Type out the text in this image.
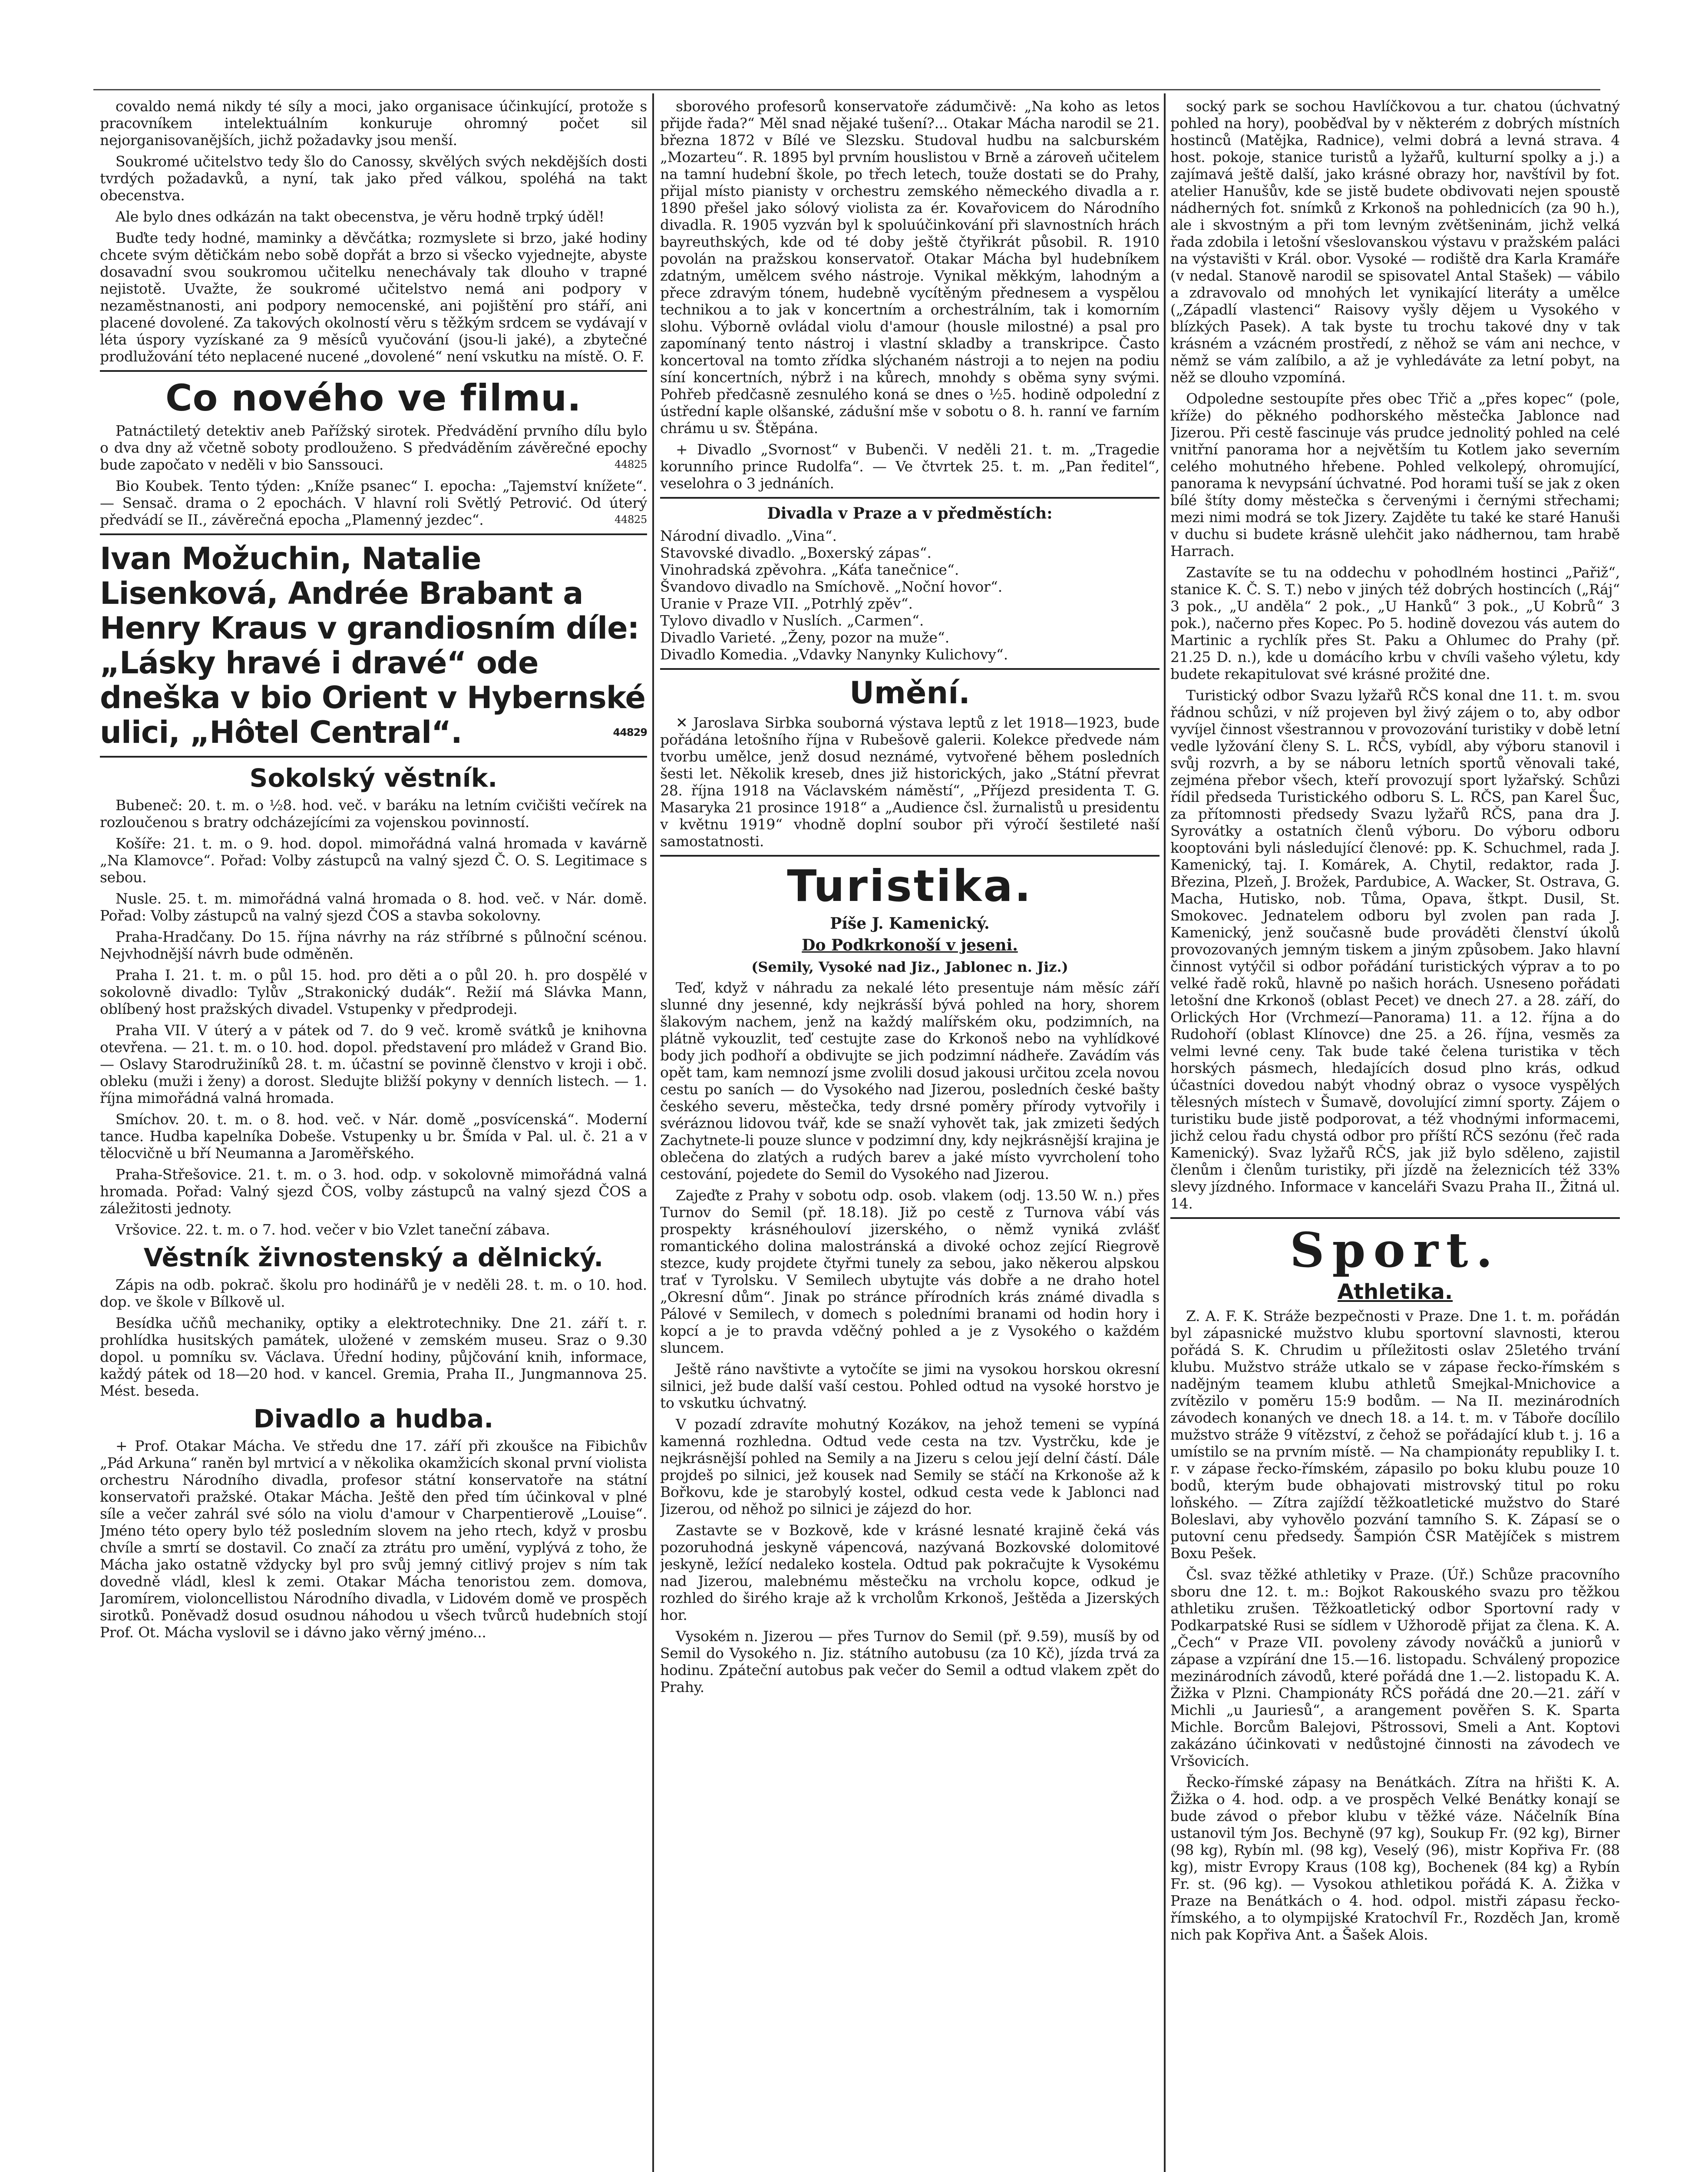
covaldo nemá nikdy té síly a moci, jako organisace účinkující, protože s pracovníkem intelektuálním konkuruje ohromný počet sil nejorganisovanějších, jichž požadavky jsou menší.

Soukromé učitelstvo tedy šlo do Canossy, skvělých svých nekdějších dosti tvrdých požadavků, a nyní, tak jako před válkou, spoléhá na takt obecenstva.

Ale bylo dnes odkázán na takt obecenstva, je věru hodně trpký úděl!

Buďte tedy hodné, maminky a děvčátka; rozmyslete si brzo, jaké hodiny chcete svým dětičkám nebo sobě dopřát a brzo si všecko vyjednejte, abyste dosavadní svou soukromou učitelku nenechávaly tak dlouho v trapné nejistotě. Uvažte, že soukromé učitelstvo nemá ani podpory v nezaměstnanosti, ani podpory nemocenské, ani pojištění pro stáří, ani placené dovolené. Za takových okolností věru s těžkým srdcem se vydávají v léta úspory vyzískané za 9 měsíců vyučování (jsou-li jaké), a zbytečné prodlužování této neplacené nucené „dovolené“ není vskutku na místě. O. F.

Co nového ve filmu.

Patnáctiletý detektiv aneb Pařížský sirotek. Předvádění prvního dílu bylo o dva dny až včetně soboty prodlouženo. S předváděním závěrečné epochy bude započato v neděli v bio Sanssouci.	44825

Bio Koubek. Tento týden: „Kníže psanec“ I. epocha: „Tajemství knížete“. — Sensač. drama o 2 epochách. V hlavní roli Světlý Petrović. Od úterý předvádí se II., závěrečná epocha „Plamenný jezdec“.	44825

Ivan Možuchin, Natalie Lisenková, Andrée Brabant a Henry Kraus v grandiosním díle: „Lásky hravé i dravé“ ode dneška v bio Orient v Hybernské ulici, „Hôtel Central“.	44829
Sokolský věstník.

Bubeneč: 20. t. m. o ½8. hod. več. v baráku na letním cvičišti večírek na rozloučenou s bratry odcházejícími za vojenskou povinností.

Košíře: 21. t. m. o 9. hod. dopol. mimořádná valná hromada v kavárně „Na Klamovce“. Pořad: Volby zástupců na valný sjezd Č. O. S. Legitimace s sebou.

Nusle. 25. t. m. mimořádná valná hromada o 8. hod. več. v Nár. domě. Pořad: Volby zástupců na valný sjezd ČOS a stavba sokolovny.

Praha-Hradčany. Do 15. října návrhy na ráz stříbrné s půlnoční scénou. Nejvhodnější návrh bude odměněn.

Praha I. 21. t. m. o půl 15. hod. pro děti a o půl 20. h. pro dospělé v sokolovně divadlo: Tylův „Strakonický dudák“. Režií má Slávka Mann, oblíbený host pražských divadel. Vstupenky v předprodeji.

Praha VII. V úterý a v pátek od 7. do 9 več. kromě svátků je knihovna otevřena. — 21. t. m. o 10. hod. dopol. představení pro mládež v Grand Bio. — Oslavy Starodružiníků 28. t. m. účastní se povinně členstvo v kroji i obč. obleku (muži i ženy) a dorost. Sledujte bližší pokyny v denních listech. — 1. října mimořádná valná hromada.

Smíchov. 20. t. m. o 8. hod. več. v Nár. domě „posvícenská“. Moderní tance. Hudba kapelníka Dobeše. Vstupenky u br. Šmída v Pal. ul. č. 21 a v tělocvičně u bří Neumanna a Jaroměřského.

Praha-Střešovice. 21. t. m. o 3. hod. odp. v sokolovně mimořádná valná hromada. Pořad: Valný sjezd ČOS, volby zástupců na valný sjezd ČOS a záležitosti jednoty.

Vršovice. 22. t. m. o 7. hod. večer v bio Vzlet taneční zábava.

Věstník živnostenský a dělnický.

Zápis na odb. pokrač. školu pro hodinářů je v neděli 28. t. m. o 10. hod. dop. ve škole v Bílkově ul.

Besídka učňů mechaniky, optiky a elektrotechniky. Dne 21. září t. r. prohlídka husitských památek, uložené v zemském museu. Sraz o 9.30 dopol. u pomníku sv. Václava. Úřední hodiny, půjčování knih, informace, každý pátek od 18—20 hod. v kancel. Gremia, Praha II., Jungmannova 25. Mést. beseda.

Divadlo a hudba.

+ Prof. Otakar Mácha. Ve středu dne 17. září při zkoušce na Fibichův „Pád Arkuna“ raněn byl mrtvicí a v několika okamžicích skonal první violista orchestru Národního divadla, profesor státní konservatoře na státní konservatoři pražské. Otakar Mácha. Ještě den před tím účinkoval v plné síle a večer zahrál své sólo na violu d'amour v Charpentierově „Louise“. Jméno této opery bylo též posledním slovem na jeho rtech, když v prosbu chvíle a smrtí se dostavil. Co značí za ztrátu pro umění, vyplývá z toho, že Mácha jako ostatně vždycky byl pro svůj jemný citlivý projev s ním tak dovedně vládl, klesl k zemi. Otakar Mácha tenoristou zem. domova, Jaromírem, violoncellistou Národního divadla, v Lidovém domě ve prospěch sirotků. Poněvadž dosud osudnou náhodou u všech tvůrců hudebních stojí Prof. Ot. Mácha vyslovil se i dávno jako věrný jméno...

sborového profesorů konservatoře zádumčivě: „Na koho as letos přijde řada?“ Měl snad nějaké tušení?... Otakar Mácha narodil se 21. března 1872 v Bílé ve Slezsku. Studoval hudbu na salcburském „Mozarteu“. R. 1895 byl prvním houslistou v Brně a zároveň učitelem na tamní hudební škole, po třech letech, touže dostati se do Prahy, přijal místo pianisty v orchestru zemského německého divadla a r. 1890 přešel jako sólový violista za ér. Kovařovicem do Národního divadla. R. 1905 vyzván byl k spoluúčinkování při slavnostních hrách bayreuthských, kde od té doby ještě čtyřikrát působil. R. 1910 povolán na pražskou konservatoř. Otakar Mácha byl hudebníkem zdatným, umělcem svého nástroje. Vynikal měkkým, lahodným a přece zdravým tónem, hudebně vycítěným přednesem a vyspělou technikou a to jak v koncertním a orchestrálním, tak i komorním slohu. Výborně ovládal violu d'amour (housle milostné) a psal pro zapomínaný tento nástroj i vlastní skladby a transkripce. Často koncertoval na tomto zřídka slýchaném nástroji a to nejen na podiu síní koncertních, nýbrž i na kůrech, mnohdy s oběma syny svými. Pohřeb předčasně zesnulého koná se dnes o ½5. hodině odpolední z ústřední kaple olšanské, zádušní mše v sobotu o 8. h. ranní ve farním chrámu u sv. Štěpána.

+ Divadlo „Svornost“ v Bubenči. V neděli 21. t. m. „Tragedie korunního prince Rudolfa“. — Ve čtvrtek 25. t. m. „Pan ředitel“, veselohra o 3 jednáních.

Divadla v Praze a v předměstích:
Národní divadlo. „Vina“.
Stavovské divadlo. „Boxerský zápas“.
Vinohradská zpěvohra. „Káťa tanečnice“.
Švandovo divadlo na Smíchově. „Noční hovor“.
Uranie v Praze VII. „Potrhlý zpěv“.
Tylovo divadlo v Nuslích. „Carmen“.
Divadlo Varieté. „Ženy, pozor na muže“.
Divadlo Komedia. „Vdavky Nanynky Kulichovy“.
Umění.

✕ Jaroslava Sirbka souborná výstava leptů z let 1918—1923, bude pořádána letošního října v Rubešově galerii. Kolekce předvede nám tvorbu umělce, jenž dosud neznámé, vytvořené během posledních šesti let. Několik kreseb, dnes již historických, jako „Státní převrat 28. října 1918 na Václavském náměstí“, „Příjezd presidenta T. G. Masaryka 21 prosince 1918“ a „Audience čsl. žurnalistů u presidentu v květnu 1919“ vhodně doplní soubor při výročí šestileté naší samostatnosti.

Turistika.
Píše J. Kamenický.
Do Podkrkonoší v jeseni.
(Semily, Vysoké nad Jiz., Jablonec n. Jiz.)

Teď, když v náhradu za nekalé léto presentuje nám měsíc září slunné dny jesenné, kdy nejkrásší bývá pohled na hory, shorem šlakovým nachem, jenž na každý malířském oku, podzimních, na plátně vykouzlit, teď cestujte zase do Krkonoš nebo na vyhlídkové body jich podhoří a obdivujte se jich podzimní nádheře. Zavádím vás opět tam, kam nemnozí jsme zvolili dosud jakousi určitou zcela novou cestu po saních — do Vysokého nad Jizerou, posledních české bašty českého severu, městečka, tedy drsné poměry přírody vytvořily i svéráznou lidovou tvář, kde se snaží vyhovět tak, jak zmizeti šedých Zachytnete-li pouze slunce v podzimní dny, kdy nejkrásnější krajina je oblečena do zlatých a rudých barev a jaké místo vyvrcholení toho cestování, pojedete do Semil do Vysokého nad Jizerou.

Zajeďte z Prahy v sobotu odp. osob. vlakem (odj. 13.50 W. n.) přes Turnov do Semil (př. 18.18). Již po cestě z Turnova vábí vás prospekty krásnéhouloví jizerského, o němž vyniká zvlášť romantického dolina malostránská a divoké ochoz zející Riegrově stezce, kudy projdete čtyřmi tunely za sebou, jako někerou alpskou trať v Tyrolsku. V Semilech ubytujte vás dobře a ne draho hotel „Okresní dům“. Jinak po stránce přírodních krás známé divadla s Pálové v Semilech, v domech s poledními branami od hodin hory i kopcí a je to pravda vděčný pohled a je z Vysokého o každém sluncem.

Ještě ráno navštivte a vytočíte se jimi na vysokou horskou okresní silnici, jež bude další vaší cestou. Pohled odtud na vysoké horstvo je to vskutku úchvatný.

V pozadí zdravíte mohutný Kozákov, na jehož temeni se vypíná kamenná rozhledna. Odtud vede cesta na tzv. Vystrčku, kde je nejkrásnější pohled na Semily a na Jizeru s celou její delní částí. Dále projdeš po silnici, jež kousek nad Semily se stáčí na Krkonoše až k Bořkovu, kde je starobylý kostel, odkud cesta vede k Jablonci nad Jizerou, od něhož po silnici je zájezd do hor.

Zastavte se v Bozkově, kde v krásné lesnaté krajině čeká vás pozoruhodná jeskyně vápencová, nazývaná Bozkovské dolomitové jeskyně, ležící nedaleko kostela. Odtud pak pokračujte k Vysokému nad Jizerou, malebnému městečku na vrcholu kopce, odkud je rozhled do širého kraje až k vrcholům Krkonoš, Ještěda a Jizerských hor.

Vysokém n. Jizerou — přes Turnov do Semil (př. 9.59), musíš by od Semil do Vysokého n. Jiz. státního autobusu (za 10 Kč), jízda trvá za hodinu. Zpáteční autobus pak večer do Semil a odtud vlakem zpět do Prahy.

socký park se sochou Havlíčkovou a tur. chatou (úchvatný pohled na hory), pooběďval by v některém z dobrých místních hostinců (Matějka, Radnice), velmi dobrá a levná strava. 4 host. pokoje, stanice turistů a lyžařů, kulturní spolky a j.) a zajímavá ještě další, jako krásné obrazy hor, navštívil by fot. atelier Hanušův, kde se jistě budete obdivovati nejen spoustě nádherných fot. snímků z Krkonoš na pohlednicích (za 90 h.), ale i skvostným a při tom levným zvětšeninám, jichž velká řada zdobila i letošní všeslovanskou výstavu v pražském paláci na výstavišti v Král. obor. Vysoké — rodiště dra Karla Kramáře (v nedal. Stanově narodil se spisovatel Antal Stašek) — vábilo a zdravovalo od mnohých let vynikající literáty a umělce („Západlí vlastenci“ Raisovy vyšly dějem u Vysokého v blízkých Pasek). A tak byste tu trochu takové dny v tak krásném a vzácném prostředí, z něhož se vám ani nechce, v němž se vám zalíbilo, a až je vyhledáváte za letní pobyt, na něž se dlouho vzpomíná.

Odpoledne sestoupíte přes obec Třič a „přes kopec“ (pole, kříže) do pěkného podhorského městečka Jablonce nad Jizerou. Při cestě fascinuje vás prudce jednolitý pohled na celé vnitřní panorama hor a největším tu Kotlem jako severním celého mohutného hřebene. Pohled velkolepý, ohromující, panorama k nevypsání úchvatné. Pod horami tuší se jak z oken bílé štíty domy městečka s červenými i černými střechami; mezi nimi modrá se tok Jizery. Zajděte tu také ke staré Hanuši v duchu si budete krásně ulehčit jako nádhernou, tam hrabě Harrach.

Zastavíte se tu na oddechu v pohodlném hostinci „Pařiž“, stanice K. Č. S. T.) nebo v jiných též dobrých hostincích („Ráj“ 3 pok., „U anděla“ 2 pok., „U Hanků“ 3 pok., „U Kobrů“ 3 pok.), načerno přes Kopec. Po 5. hodině dovezou vás autem do Martinic a rychlík přes St. Paku a Ohlumec do Prahy (př. 21.25 D. n.), kde u domácího krbu v chvíli vašeho výletu, kdy budete rekapitulovat své krásné prožité dne.

Turistický odbor Svazu lyžařů RČS konal dne 11. t. m. svou řádnou schůzi, v níž projeven byl živý zájem o to, aby odbor vyvíjel činnost všestrannou v provozování turistiky v době letní vedle lyžování členy S. L. RČS, vybídl, aby výboru stanovil i svůj rozvrh, a by se náboru letních sportů věnovali také, zejména přebor všech, kteří provozují sport lyžařský. Schůzi řídil předseda Turistického odboru S. L. RČS, pan Karel Šuc, za přítomnosti předsedy Svazu lyžařů RČS, pana dra J. Syrovátky a ostatních členů výboru. Do výboru odboru kooptováni byli následující členové: pp. K. Schuchmel, rada J. Kamenický, taj. I. Komárek, A. Chytil, redaktor, rada J. Březina, Plzeň, J. Brožek, Pardubice, A. Wacker, St. Ostrava, G. Macha, Hutisko, nob. Tůma, Opava, štkpt. Dusil, St. Smokovec. Jednatelem odboru byl zvolen pan rada J. Kamenický, jenž současně bude prováděti členství úkolů provozovaných jemným tiskem a jiným způsobem. Jako hlavní činnost vytýčil si odbor pořádání turistických výprav a to po velké řadě roků, hlavně po našich horách. Usneseno pořádati letošní dne Krkonoš (oblast Pecet) ve dnech 27. a 28. září, do Orlických Hor (Vrchmezí—Panorama) 11. a 12. října a do Rudohoří (oblast Klínovce) dne 25. a 26. října, vesměs za velmi levné ceny. Tak bude také čelena turistika v těch horských pásmech, hledajících dosud plno krás, odkud účastníci dovedou nabýt vhodný obraz o vysoce vyspělých tělesných místech v Šumavě, dovolující zimní sporty. Zájem o turistiku bude jistě podporovat, a též vhodnými informacemi, jichž celou řadu chystá odbor pro příští RČS sezónu (řeč rada Kamenický). Svaz lyžařů RČS, jak již bylo sděleno, zajistil členům i členům turistiky, při jízdě na železnicích též 33% slevy jízdného. Informace v kanceláři Svazu Praha II., Žitná ul. 14.

Sport.
Athletika.

Z. A. F. K. Stráže bezpečnosti v Praze. Dne 1. t. m. pořádán byl zápasnické mužstvo klubu sportovní slavnosti, kterou pořádá S. K. Chrudim u příležitosti oslav 25letého trvání klubu. Mužstvo stráže utkalo se v zápase řecko-římském s nadějným teamem klubu athletů Smejkal-Mnichovice a zvítězilo v poměru 15:9 bodům. — Na II. mezinárodních závodech konaných ve dnech 18. a 14. t. m. v Táboře docílilo mužstvo stráže 9 vítězství, z čehož se pořádající klub t. j. 16 a umístilo se na prvním místě. — Na championáty republiky I. t. r. v zápase řecko-římském, zápasilo po boku klubu pouze 10 bodů, kterým bude obhajovati mistrovský titul po roku loňského. — Zítra zajíždí těžkoatletické mužstvo do Staré Boleslavi, aby vyhovělo pozvání tamního S. K. Zápasí se o putovní cenu předsedy. Šampión ČSR Matějíček s mistrem Boxu Pešek.

Čsl. svaz těžké athletiky v Praze. (Úř.) Schůze pracovního sboru dne 12. t. m.: Bojkot Rakouského svazu pro těžkou athletiku zrušen. Těžkoatletický odbor Sportovní rady v Podkarpatské Rusi se sídlem v Užhorodě přijat za člena. K. A. „Čech“ v Praze VII. povoleny závody nováčků a juniorů v zápase a vzpírání dne 15.—16. listopadu. Schválený propozice mezinárodních závodů, které pořádá dne 1.—2. listopadu K. A. Žižka v Plzni. Championáty RČS pořádá dne 20.—21. září v Michli „u Jauriesů“, a arangement pověřen S. K. Sparta Michle. Borcům Balejovi, Pštrossovi, Smeli a Ant. Koptovi zakázáno účinkovati v nedůstojné činnosti na závodech ve Vršovicích.

Řecko-římské zápasy na Benátkách. Zítra na hřišti K. A. Žižka o 4. hod. odp. a ve prospěch Velké Benátky konají se bude závod o přebor klubu v těžké váze. Náčelník Bína ustanovil tým Jos. Bechyně (97 kg), Soukup Fr. (92 kg), Birner (98 kg), Rybín ml. (98 kg), Veselý (96), mistr Kopřiva Fr. (88 kg), mistr Evropy Kraus (108 kg), Bochenek (84 kg) a Rybín Fr. st. (96 kg). — Vysokou athletikou pořádá K. A. Žižka v Praze na Benátkách o 4. hod. odpol. mistři zápasu řecko-římského, a to olympijské Kratochvíl Fr., Rozděch Jan, kromě nich pak Kopřiva Ant. a Šašek Alois.
